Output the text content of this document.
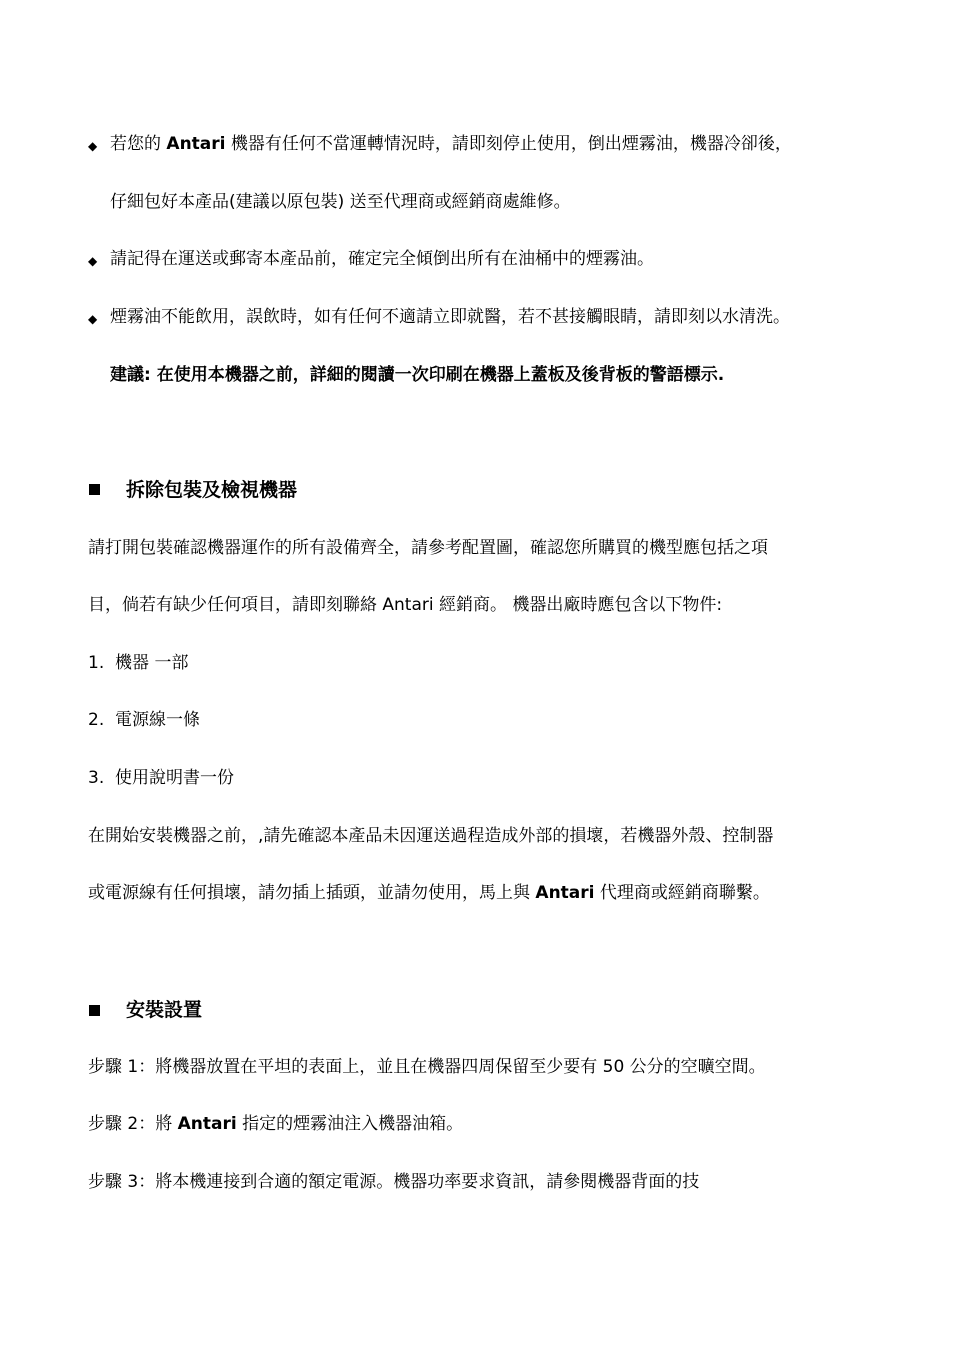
◆ 若您的 Antari 機器有任何不當運轉情況時，請即刻停止使用，倒出煙霧油，機器冷卻後，
仔細包好本產品(建議以原包裝) 送至代理商或經銷商處維修。
◆ 請記得在運送或郵寄本產品前，確定完全傾倒出所有在油桶中的煙霧油。
◆ 煙霧油不能飲用，誤飲時，如有任何不適請立即就醫，若不甚接觸眼睛，請即刻以水清洗。
建議: 在使用本機器之前，詳細的閱讀一次印刷在機器上蓋板及後背板的警語標示.
拆除包裝及檢視機器
請打開包裝確認機器運作的所有設備齊全，請參考配置圖，確認您所購買的機型應包括之項
目，倘若有缺少任何項目，請即刻聯絡 Antari 經銷商。 機器出廠時應包含以下物件:
1. 機器 一部
2. 電源線一條
3. 使用說明書一份
在開始安裝機器之前，,請先確認本產品未因運送過程造成外部的損壞，若機器外殼、控制器
或電源線有任何損壞，請勿插上插頭，並請勿使用，馬上與 Antari 代理商或經銷商聯繫。
安裝設置
步驟 1：將機器放置在平坦的表面上，並且在機器四周保留至少要有 50 公分的空曠空間。
步驟 2：將 Antari 指定的煙霧油注入機器油箱。
步驟 3：將本機連接到合適的額定電源。機器功率要求資訊，請參閱機器背面的技
